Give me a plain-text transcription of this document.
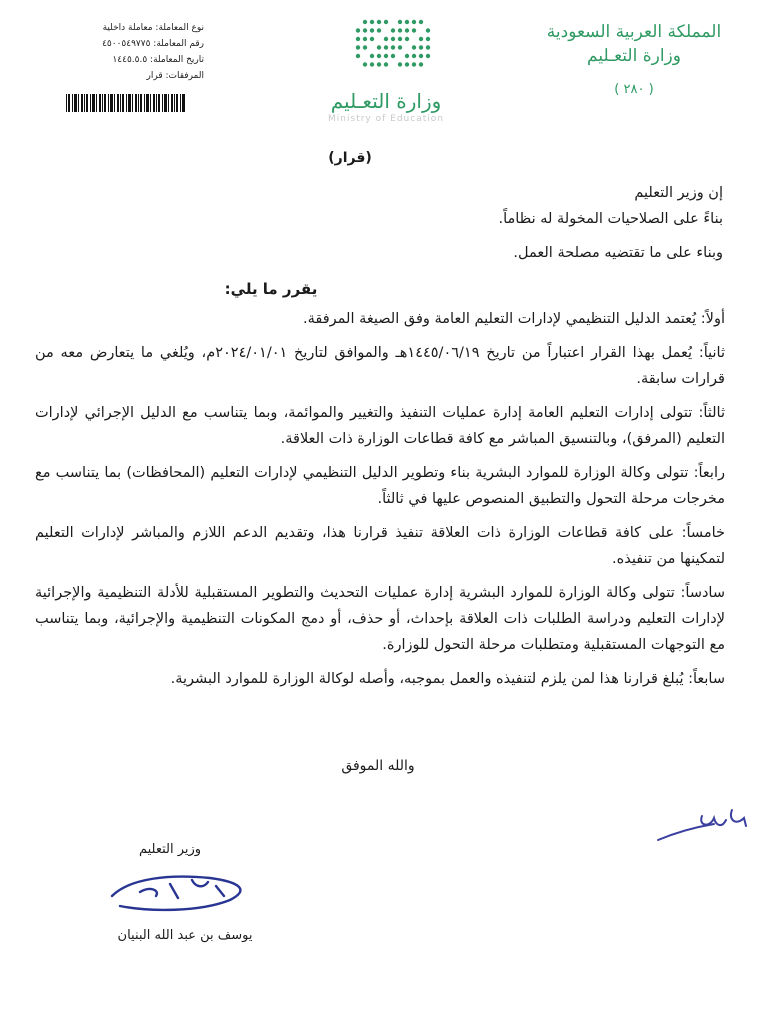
المملكة العربية السعودية
وزارة التعـليم
( ٢٨٠ )
وزارة التعـليم
Ministry of Education
نوع المعاملة: معاملة داخلية
رقم المعاملة: ٤٥٠٠٥٤٩٧٧٥
تاريخ المعاملة: ١٤٤٥.٥.٥
المرفقات: قرار
(قرار)
إن وزير التعليم
بناءً على الصلاحيات المخولة له نظاماً.
وبناء على ما تقتضيه مصلحة العمل.
يقرر ما يلي:
أولاً: يُعتمد الدليل التنظيمي لإدارات التعليم العامة وفق الصيغة المرفقة.
ثانياً: يُعمل بهذا القرار اعتباراً من تاريخ ١٤٤٥/٠٦/١٩هـ والموافق لتاريخ ٢٠٢٤/٠١/٠١م، ويُلغي ما يتعارض معه من قرارات سابقة.
ثالثاً: تتولى إدارات التعليم العامة إدارة عمليات التنفيذ والتغيير والموائمة، وبما يتناسب مع الدليل الإجرائي لإدارات التعليم (المرفق)، وبالتنسيق المباشر مع كافة قطاعات الوزارة ذات العلاقة.
رابعاً: تتولى وكالة الوزارة للموارد البشرية بناء وتطوير الدليل التنظيمي لإدارات التعليم (المحافظات) بما يتناسب مع مخرجات مرحلة التحول والتطبيق المنصوص عليها في ثالثاً.
خامساً: على كافة قطاعات الوزارة ذات العلاقة تنفيذ قرارنا هذا، وتقديم الدعم اللازم والمباشر لإدارات التعليم لتمكينها من تنفيذه.
سادساً: تتولى وكالة الوزارة للموارد البشرية إدارة عمليات التحديث والتطوير المستقبلية للأدلة التنظيمية والإجرائية لإدارات التعليم ودراسة الطلبات ذات العلاقة بإحداث، أو حذف، أو دمج المكونات التنظيمية والإجرائية، وبما يتناسب مع التوجهات المستقبلية ومتطلبات مرحلة التحول للوزارة.
سابعاً: يُبلغ قرارنا هذا لمن يلزم لتنفيذه والعمل بموجبه، وأصله لوكالة الوزارة للموارد البشرية.
والله الموفق
وزير التعليم
يوسف بن عبد الله البنيان
